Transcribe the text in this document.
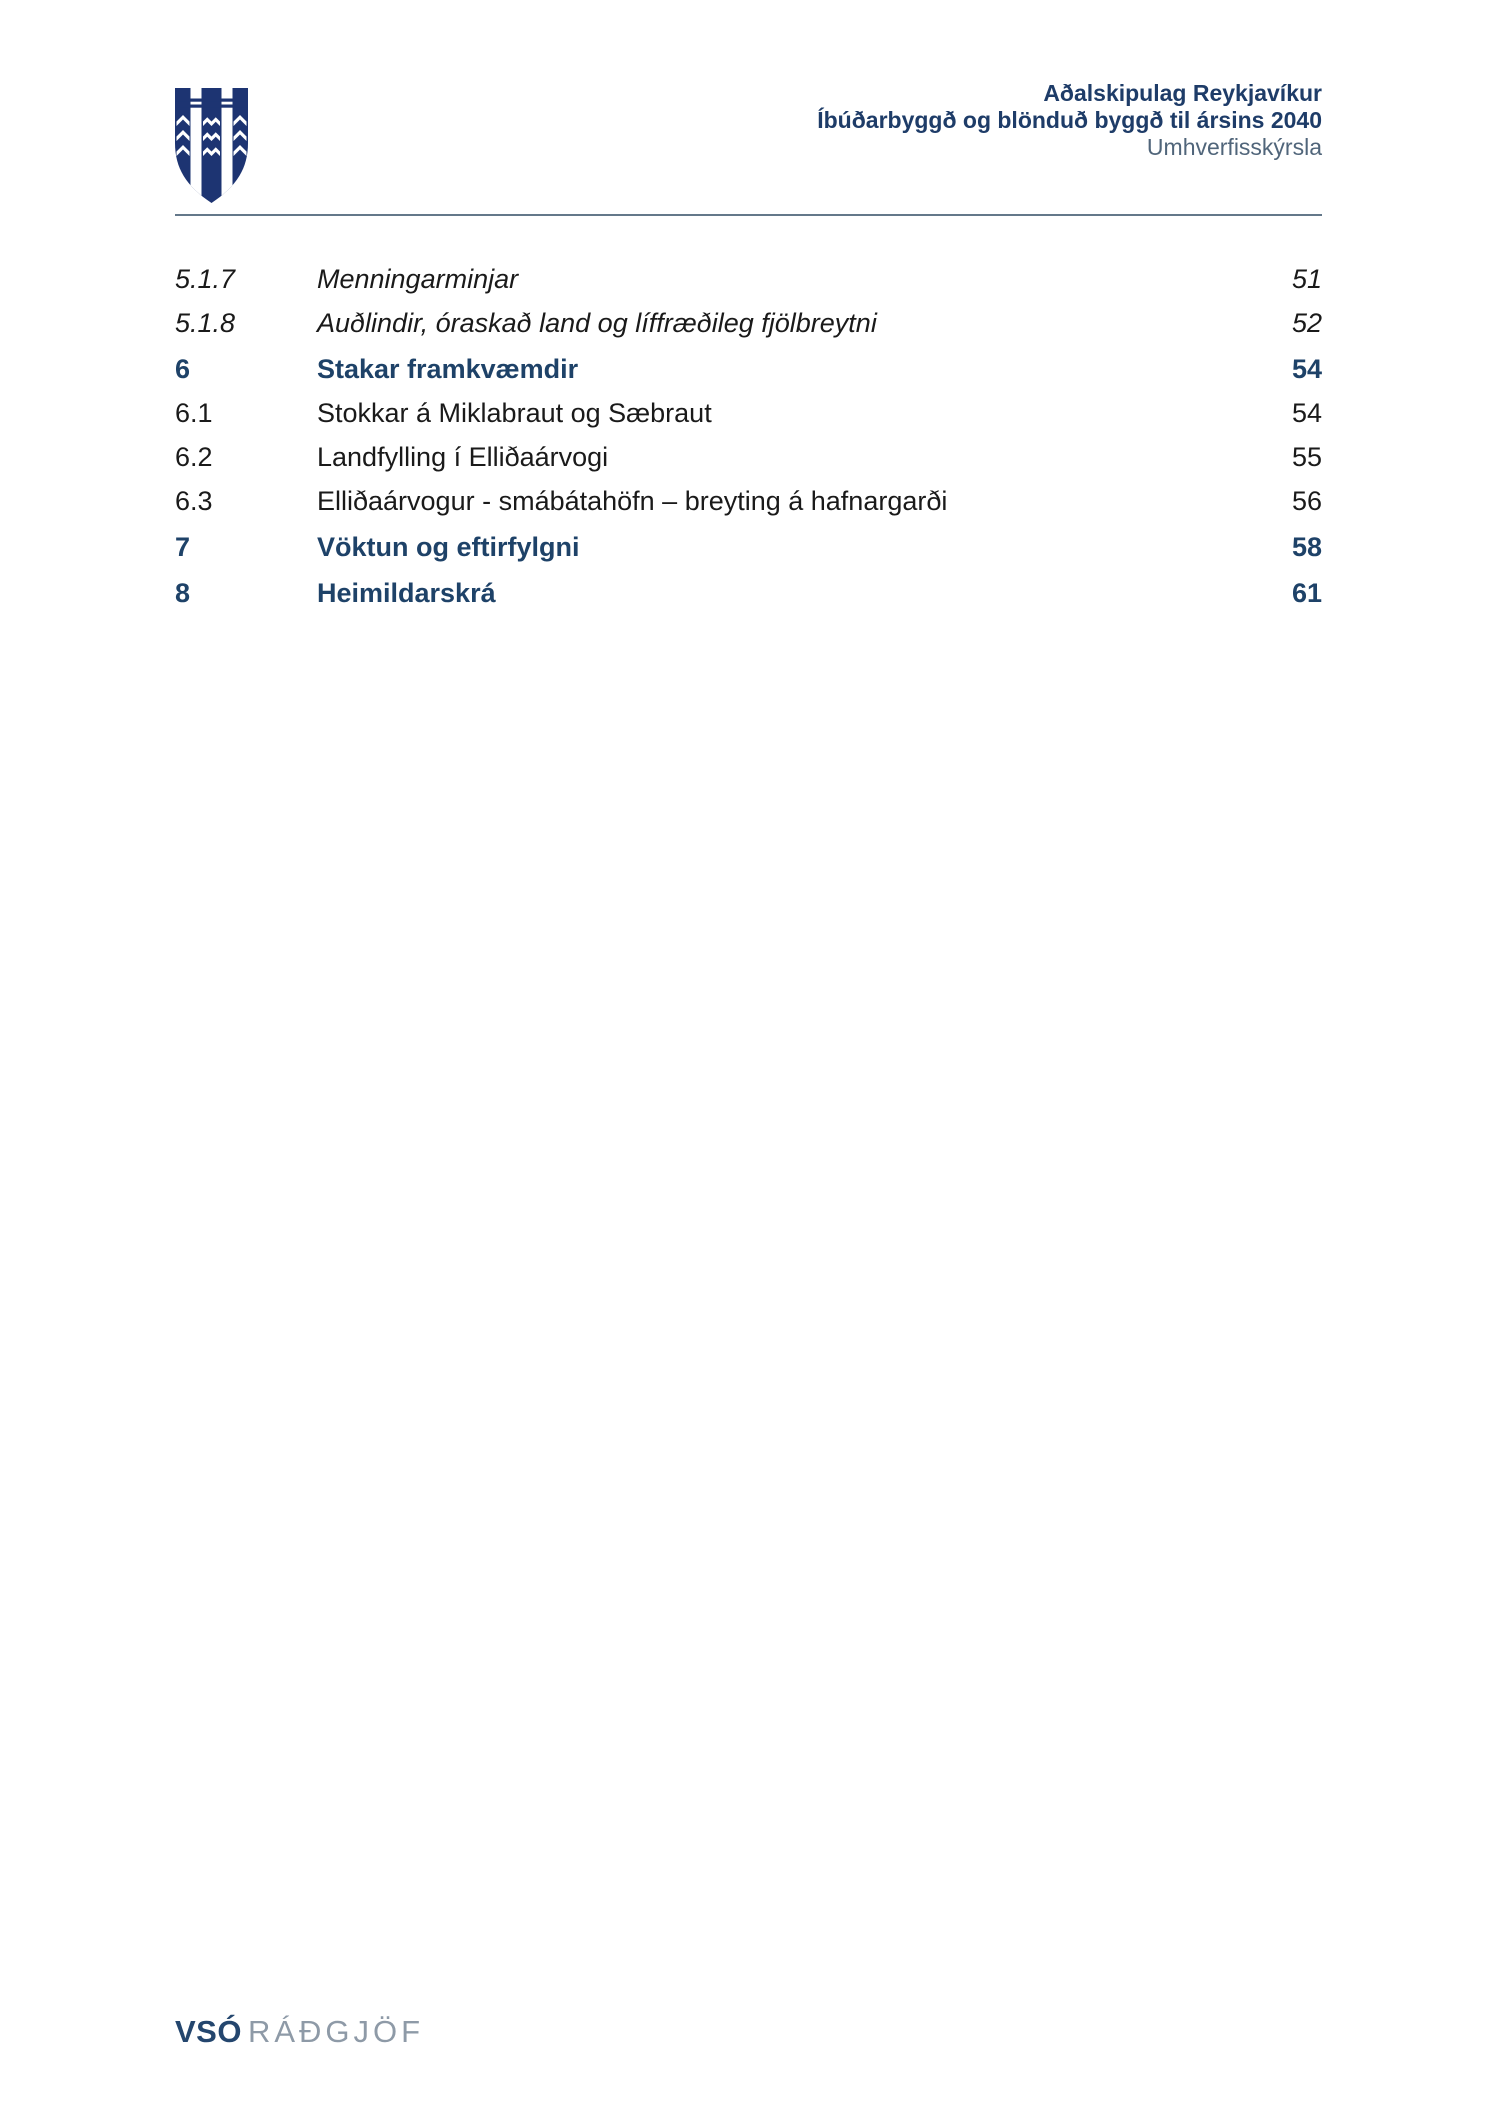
Aðalskipulag Reykjavíkur
Íbúðarbyggð og blönduð byggð til ársins 2040
Umhverfisskýrsla
5.1.7	Menningarminjar	51
5.1.8	Auðlindir, óraskað land og líffræðileg fjölbreytni	52
6	Stakar framkvæmdir	54
6.1	Stokkar á Miklabraut og Sæbraut	54
6.2	Landfylling í Elliðaárvogi	55
6.3	Elliðaárvogur - smábátahöfn – breyting á hafnargarði	56
7	Vöktun og eftirfylgni	58
8	Heimildarskrá	61
VSÓ RÁÐGJÖF
